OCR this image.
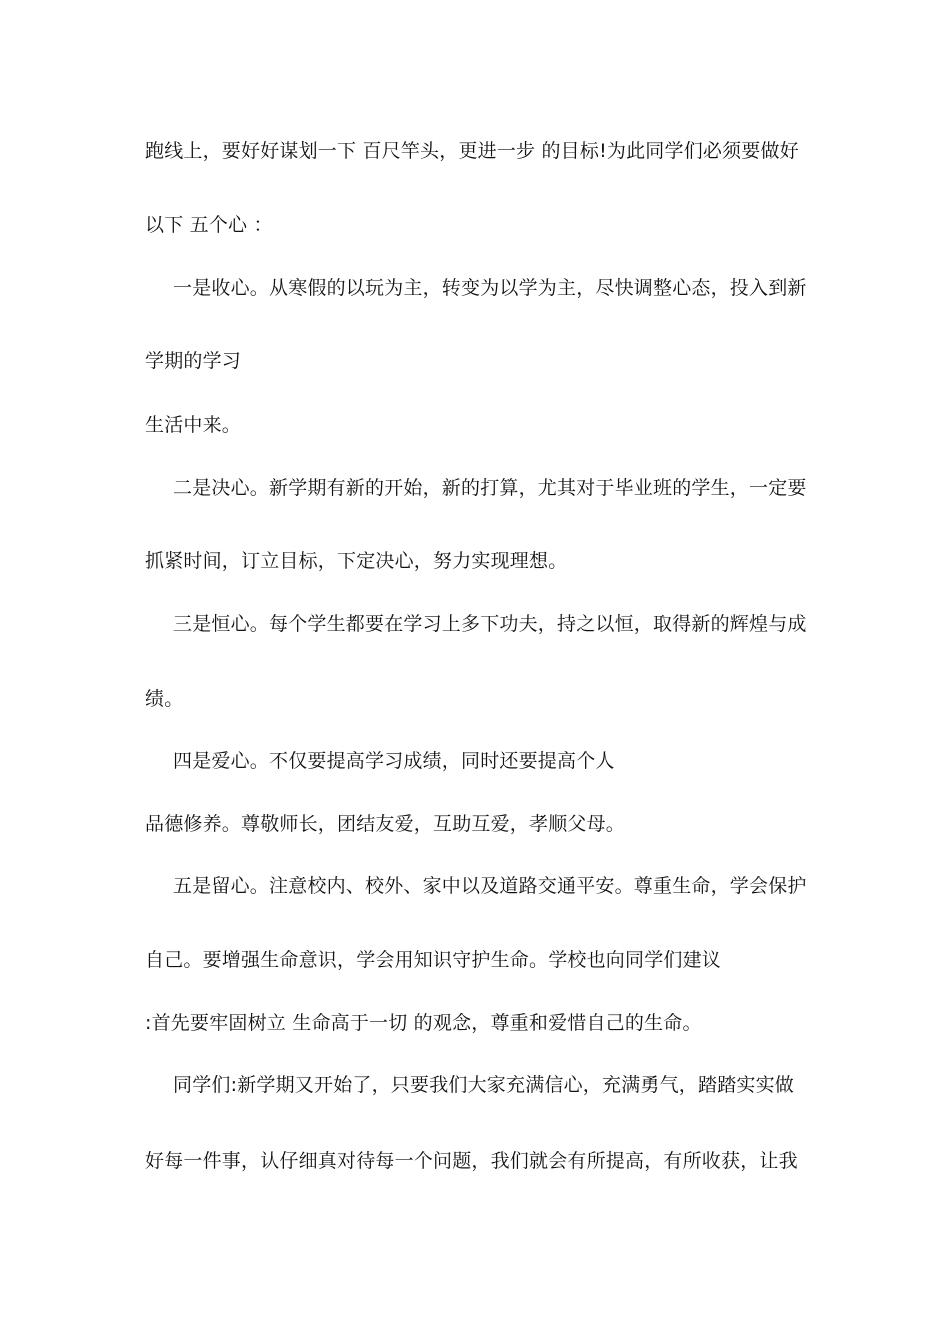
跑线上，要好好谋划一下 百尺竿头，更进一步 的目标!为此同学们必须要做好
以下 五个心 ：
一是收心。从寒假的以玩为主，转变为以学为主，尽快调整心态，投入到新
学期的学习
生活中来。
二是决心。新学期有新的开始，新的打算，尤其对于毕业班的学生，一定要
抓紧时间，订立目标，下定决心，努力实现理想。
三是恒心。每个学生都要在学习上多下功夫，持之以恒，取得新的辉煌与成
绩。
四是爱心。不仅要提高学习成绩，同时还要提高个人
品德修养。尊敬师长，团结友爱，互助互爱，孝顺父母。
五是留心。注意校内、校外、家中以及道路交通平安。尊重生命，学会保护
自己。要增强生命意识，学会用知识守护生命。学校也向同学们建议
:首先要牢固树立 生命高于一切 的观念，尊重和爱惜自己的生命。
同学们:新学期又开始了，只要我们大家充满信心，充满勇气，踏踏实实做
好每一件事，认仔细真对待每一个问题，我们就会有所提高，有所收获，让我
